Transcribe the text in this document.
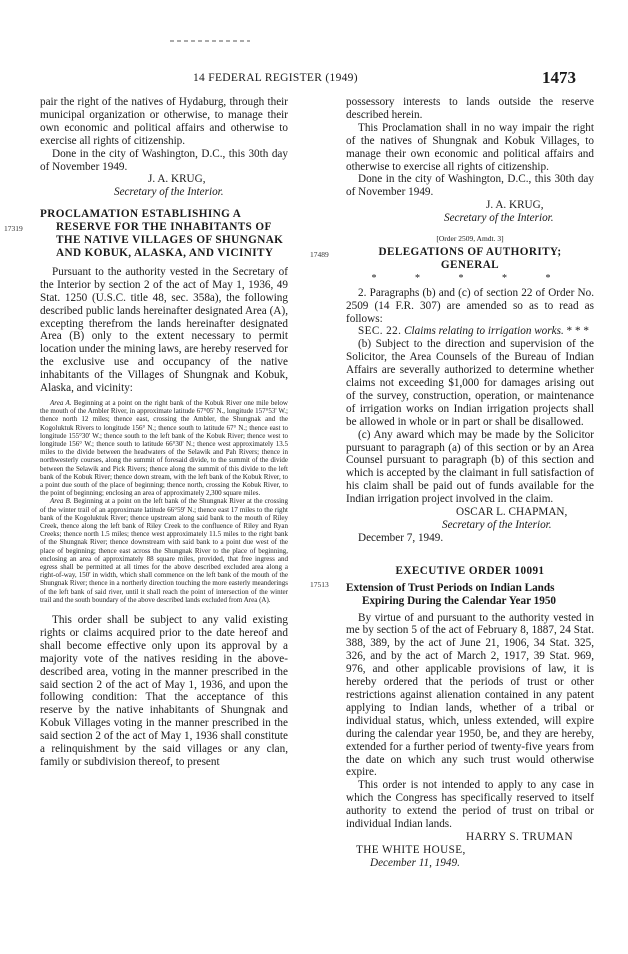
14 FEDERAL REGISTER (1949)	1473

pair the right of the natives of Hydaburg, through their municipal organization or otherwise, to manage their own economic and political affairs and otherwise to exercise all rights of citizenship.

Done in the city of Washington, D.C., this 30th day of November 1949.

J. A. KRUG,

Secretary of the Interior.

PROCLAMATION ESTABLISHING A RESERVE FOR THE INHABITANTS OF THE NATIVE VILLAGES OF SHUNGNAK AND KOBUK, ALASKA, AND VICINITY

Pursuant to the authority vested in the Secretary of the Interior by section 2 of the act of May 1, 1936, 49 Stat. 1250 (U.S.C. title 48, sec. 358a), the following described public lands hereinafter designated Area (A), excepting therefrom the lands hereinafter designated Area (B) only to the extent necessary to permit location under the mining laws, are hereby reserved for the exclusive use and occupancy of the native inhabitants of the Villages of Shungnak and Kobuk, Alaska, and vicinity:

Area A. Beginning at a point on the right bank of the Kobuk River one mile below the mouth of the Ambler River, in approximate latitude 67°05' N., longitude 157°53' W.; thence north 12 miles; thence east, crossing the Ambler, the Shungnak and the Kogoluktuk Rivers to longitude 156° N.; thence south to latitude 67° N.; thence east to longitude 155°30' W.; thence south to the left bank of the Kobuk River; thence west to longitude 156° W.; thence south to latitude 66°30' N.; thence west approximately 13.5 miles to the divide between the headwaters of the Selawik and Pah Rivers; thence in northwesterly courses, along the summit of foresaid divide, to the summit of the divide between the Selawik and Pick Rivers; thence along the summit of this divide to the left bank of the Kobuk River; thence down stream, with the left bank of the Kobuk River, to a point due south of the place of beginning; thence north, crossing the Kobuk River, to the point of beginning; enclosing an area of approximately 2,300 square miles.

Area B. Beginning at a point on the left bank of the Shungnak River at the crossing of the winter trail of an approximate latitude 66°59' N.; thence east 17 miles to the right bank of the Kogoluktuk River; thence upstream along said bank to the mouth of Riley Creek, thence along the left bank of Riley Creek to the confluence of Riley and Ryan Creeks; thence north 1.5 miles; thence west approximately 11.5 miles to the right bank of the Shungnak River; thence downstream with said bank to a point due west of the place of beginning; thence east across the Shungnak River to the place of beginning, enclosing an area of approximately 88 square miles, provided, that free ingress and egress shall be permitted at all times for the above described excluded area along a right-of-way, 150' in width, which shall commence on the left bank of the mouth of the Shungnak River; thence in a northerly direction touching the more easterly meanderings of the left bank of said river, until it shall reach the point of intersection of the winter trail and the south boundary of the above described lands excluded from Area (A).

This order shall be subject to any valid existing rights or claims acquired prior to the date hereof and shall become effective only upon its approval by a majority vote of the natives residing in the above-described area, voting in the manner prescribed in the said section 2 of the act of May 1, 1936, and upon the following condition: That the acceptance of this reserve by the native inhabitants of Shungnak and Kobuk Villages voting in the manner prescribed in the said section 2 of the act of May 1, 1936 shall constitute a relinquishment by the said villages or any clan, family or subdivision thereof, to present

17319

possessory interests to lands outside the reserve described herein.

This Proclamation shall in no way impair the right of the natives of Shungnak and Kobuk Villages, to manage their own economic and political affairs and otherwise to exercise all rights of citizenship.

Done in the city of Washington, D.C., this 30th day of November 1949.

J. A. KRUG,

Secretary of the Interior.

[Order 2509, Amdt. 3]

DELEGATIONS OF AUTHORITY; GENERAL

* * * * *

2. Paragraphs (b) and (c) of section 22 of Order No. 2509 (14 F.R. 307) are amended so as to read as follows:

SEC. 22. Claims relating to irrigation works. * * *

(b) Subject to the direction and supervision of the Solicitor, the Area Counsels of the Bureau of Indian Affairs are severally authorized to determine whether claims not exceeding $1,000 for damages arising out of the survey, construction, operation, or maintenance of irrigation works on Indian irrigation projects shall be allowed in whole or in part or shall be disallowed.

(c) Any award which may be made by the Solicitor pursuant to paragraph (a) of this section or by an Area Counsel pursuant to paragraph (b) of this section and which is accepted by the claimant in full satisfaction of his claim shall be paid out of funds available for the Indian irrigation project involved in the claim.

OSCAR L. CHAPMAN,

Secretary of the Interior.

December 7, 1949.

EXECUTIVE ORDER 10091

Extension of Trust Periods on Indian Lands Expiring During the Calendar Year 1950

By virtue of and pursuant to the authority vested in me by section 5 of the act of February 8, 1887, 24 Stat. 388, 389, by the act of June 21, 1906, 34 Stat. 325, 326, and by the act of March 2, 1917, 39 Stat. 969, 976, and other applicable provisions of law, it is hereby ordered that the periods of trust or other restrictions against alienation contained in any patent applying to Indian lands, whether of a tribal or individual status, which, unless extended, will expire during the calendar year 1950, be, and they are hereby, extended for a further period of twenty-five years from the date on which any such trust would otherwise expire.

This order is not intended to apply to any case in which the Congress has specifically reserved to itself authority to extend the period of trust on tribal or individual Indian lands.

HARRY S. TRUMAN

THE WHITE HOUSE,

December 11, 1949.

17489
17513
